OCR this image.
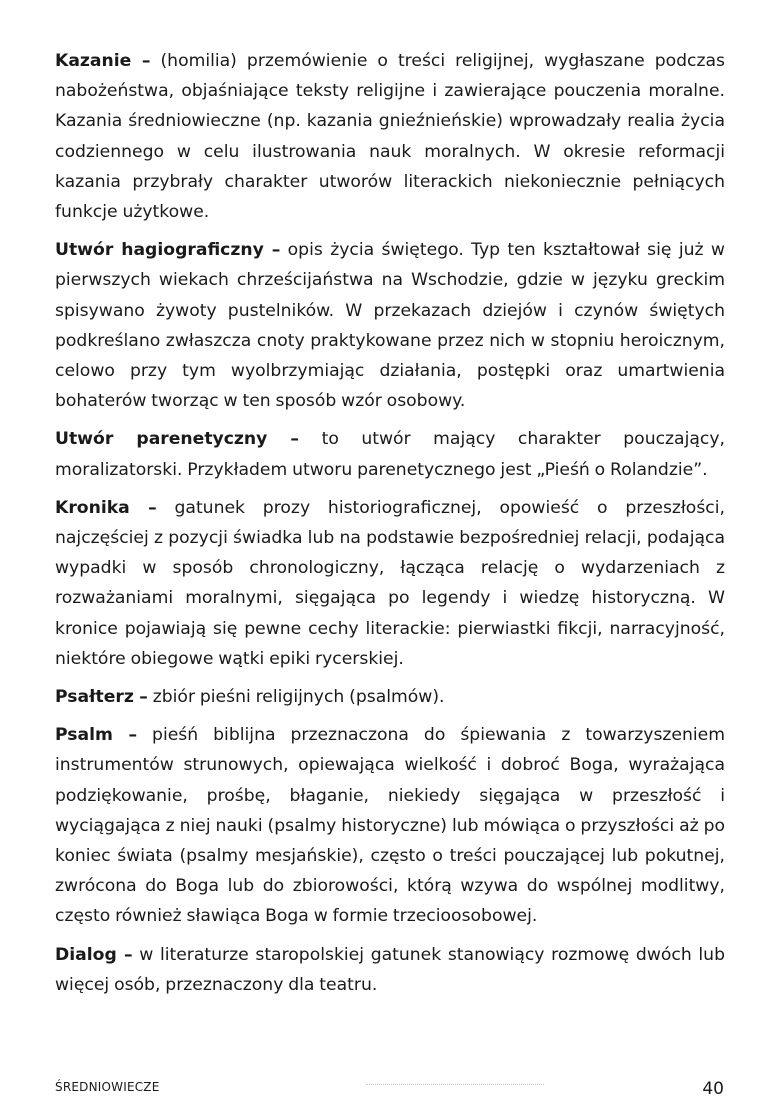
Kazanie – (homilia) przemówienie o treści religijnej, wygłaszane podczas nabożeństwa, objaśniające teksty religijne i zawierające pouczenia moralne. Kazania średniowieczne (np. kazania gnieźnieńskie) wprowadzały realia życia codziennego w celu ilustrowania nauk moralnych. W okresie reformacji kazania przybrały charakter utworów literackich niekoniecznie pełniących funkcje użytkowe.

Utwór hagiograficzny – opis życia świętego. Typ ten kształtował się już w pierwszych wiekach chrześcijaństwa na Wschodzie, gdzie w języku greckim spisywano żywoty pustelników. W przekazach dziejów i czynów świętych podkreślano zwłaszcza cnoty praktykowane przez nich w stopniu heroicznym, celowo przy tym wyolbrzymiając działania, postępki oraz umartwienia bohaterów tworząc w ten sposób wzór osobowy.

Utwór parenetyczny – to utwór mający charakter pouczający, moralizatorski. Przykładem utworu parenetycznego jest „Pieśń o Rolandzie”.

Kronika – gatunek prozy historiograficznej, opowieść o przeszłości, najczęściej z pozycji świadka lub na podstawie bezpośredniej relacji, podająca wypadki w sposób chronologiczny, łącząca relację o wydarzeniach z rozważaniami moralnymi, sięgająca po legendy i wiedzę historyczną. W kronice pojawiają się pewne cechy literackie: pierwiastki fikcji, narracyjność, niektóre obiegowe wątki epiki rycerskiej.

Psałterz – zbiór pieśni religijnych (psalmów).

Psalm – pieśń biblijna przeznaczona do śpiewania z towarzyszeniem instrumentów strunowych, opiewająca wielkość i dobroć Boga, wyrażająca podziękowanie, prośbę, błaganie, niekiedy sięgająca w przeszłość i wyciągająca z niej nauki (psalmy historyczne) lub mówiąca o przyszłości aż po koniec świata (psalmy mesjańskie), często o treści pouczającej lub pokutnej, zwrócona do Boga lub do zbiorowości, którą wzywa do wspólnej modlitwy, często również sławiąca Boga w formie trzecioosobowej.

Dialog – w literaturze staropolskiej gatunek stanowiący rozmowę dwóch lub więcej osób, przeznaczony dla teatru.

ŚREDNIOWIECZE	40
